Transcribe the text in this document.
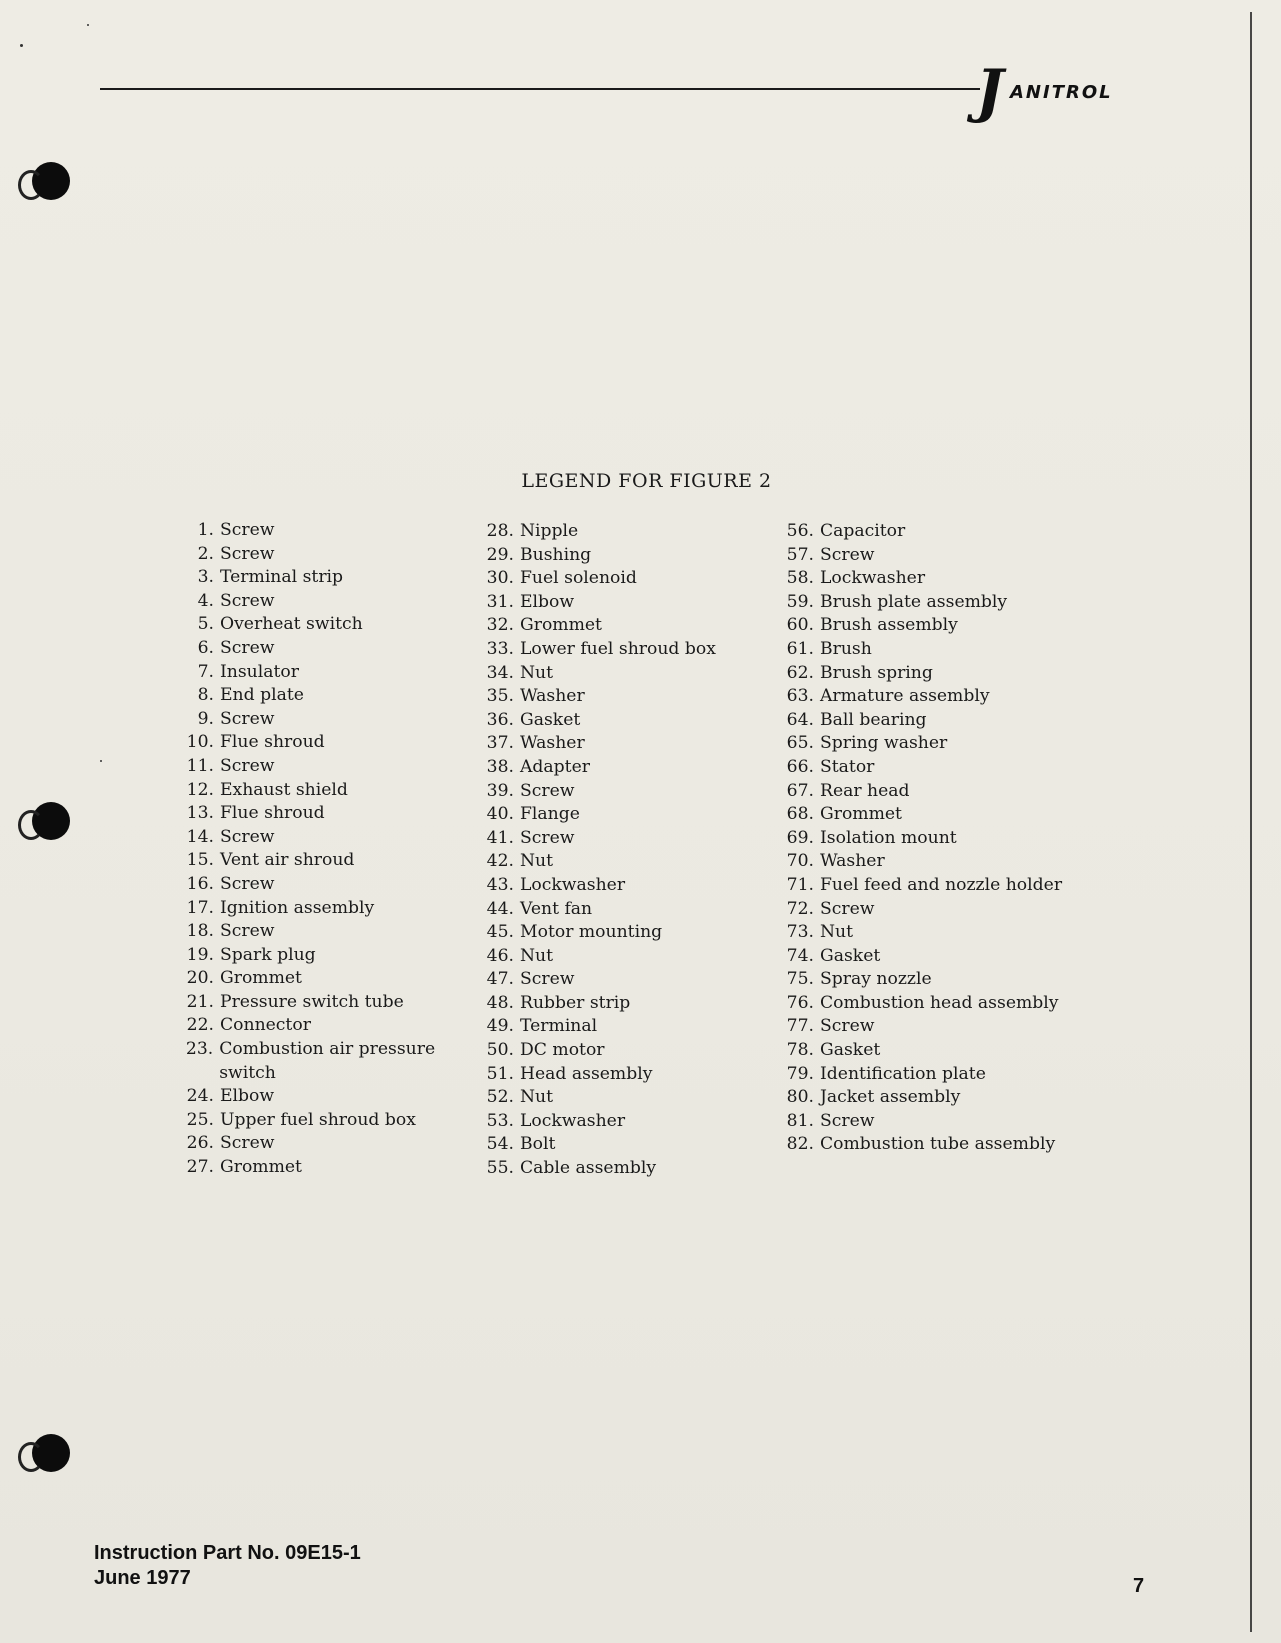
J ANITROL
LEGEND FOR FIGURE 2
1. Screw
2. Screw
3. Terminal strip
4. Screw
5. Overheat switch
6. Screw
7. Insulator
8. End plate
9. Screw
10. Flue shroud
11. Screw
12. Exhaust shield
13. Flue shroud
14. Screw
15. Vent air shroud
16. Screw
17. Ignition assembly
18. Screw
19. Spark plug
20. Grommet
21. Pressure switch tube
22. Connector
23. Combustion air pressure switch
24. Elbow
25. Upper fuel shroud box
26. Screw
27. Grommet
28. Nipple
29. Bushing
30. Fuel solenoid
31. Elbow
32. Grommet
33. Lower fuel shroud box
34. Nut
35. Washer
36. Gasket
37. Washer
38. Adapter
39. Screw
40. Flange
41. Screw
42. Nut
43. Lockwasher
44. Vent fan
45. Motor mounting
46. Nut
47. Screw
48. Rubber strip
49. Terminal
50. DC motor
51. Head assembly
52. Nut
53. Lockwasher
54. Bolt
55. Cable assembly
56. Capacitor
57. Screw
58. Lockwasher
59. Brush plate assembly
60. Brush assembly
61. Brush
62. Brush spring
63. Armature assembly
64. Ball bearing
65. Spring washer
66. Stator
67. Rear head
68. Grommet
69. Isolation mount
70. Washer
71. Fuel feed and nozzle holder
72. Screw
73. Nut
74. Gasket
75. Spray nozzle
76. Combustion head assembly
77. Screw
78. Gasket
79. Identification plate
80. Jacket assembly
81. Screw
82. Combustion tube assembly
Instruction Part No. 09E15-1
June 1977	7
